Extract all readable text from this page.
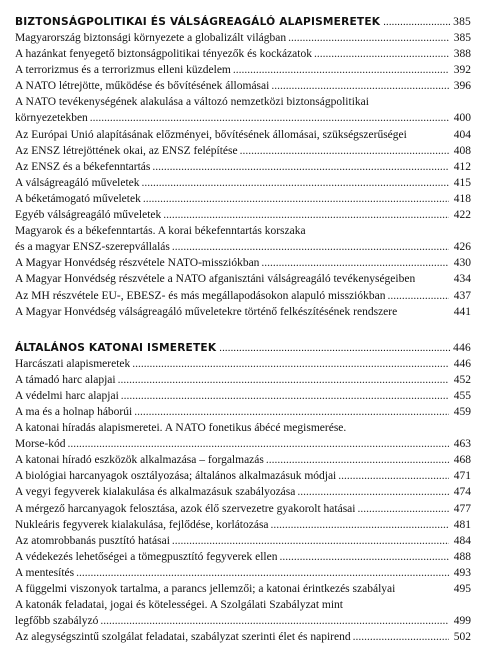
BIZTONSÁGPOLITIKAI ÉS VÁLSÁGREAGÁLÓ ALAPISMERETEK .....	385
Magyarország biztonsági környezete a globalizált világban .....	385
A hazánkat fenyegető biztonságpolitikai tényezők és kockázatok .....	388
A terrorizmus és a terrorizmus elleni küzdelem .....	392
A NATO létrejötte, működése és bővítésének állomásai .....	396
A NATO tevékenységének alakulása a változó nemzetközi biztonságpolitikai
környezetekben .....	400
Az Európai Unió alapításának előzményei, bővítésének állomásai, szükségszerűségei	404
Az ENSZ létrejöttének okai, az ENSZ felépítése .....	408
Az ENSZ és a békefenntartás .....	412
A válságreagáló műveletek .....	415
A béketámogató műveletek .....	418
Egyéb válságreagáló műveletek .....	422
Magyarok és a békefenntartás. A korai békefenntartás korszaka
és a magyar ENSZ-szerepvállalás .....	426
A Magyar Honvédség részvétele NATO-missziókban .....	430
A Magyar Honvédség részvétele a NATO afganisztáni válságreagáló tevékenységeiben	434
Az MH részvétele EU-, EBESZ- és más megállapodásokon alapuló missziókban .....	437
A Magyar Honvédség válságreagáló műveletekre történő felkészítésének rendszere	441
ÁLTALÁNOS KATONAI ISMERETEK .....	446
Harcászati alapismeretek .....	446
A támadó harc alapjai .....	452
A védelmi harc alapjai .....	455
A ma és a holnap háborúi .....	459
A katonai híradás alapismeretei. A NATO fonetikus ábécé megismerése.
Morse-kód .....	463
A katonai híradó eszközök alkalmazása – forgalmazás .....	468
A biológiai harcanyagok osztályozása; általános alkalmazásuk módjai .....	471
A vegyi fegyverek kialakulása és alkalmazásuk szabályozása .....	474
A mérgező harcanyagok felosztása, azok élő szervezetre gyakorolt hatásai .....	477
Nukleáris fegyverek kialakulása, fejlődése, korlátozása .....	481
Az atomrobbanás pusztító hatásai .....	484
A védekezés lehetőségei a tömegpusztító fegyverek ellen .....	488
A mentesítés .....	493
A függelmi viszonyok tartalma, a parancs jellemzői; a katonai érintkezés szabályai	495
A katonák feladatai, jogai és kötelességei. A Szolgálati Szabályzat mint
legfőbb szabályzó .....	499
Az alegységszintű szolgálat feladatai, szabályzat szerinti élet és napirend .....	502
